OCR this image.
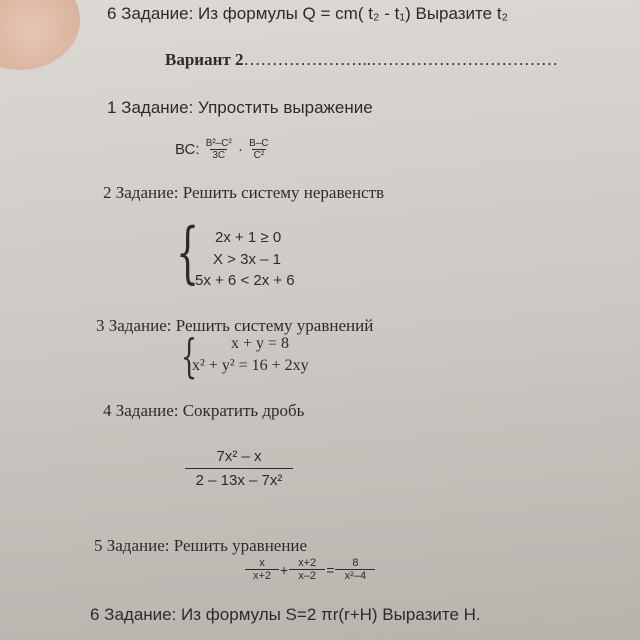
6 Задание: Из формулы Q = cm( t₂ - t₁) Выразите t₂
Вариант 2…………………..……………………………
1 Задание: Упростить выражение
ВС: $\frac{\text{В²–С²}}{3С} \cdot \frac{В-С}{\text{С²}}$
2 Задание: Решить систему неравенств
{ 2x + 1 ≥ 0
X > 3x – 1
5x + 6 < 2x + 6
3 Задание: Решить систему уравнений
{ x + y = 8
x² + y² = 16 + 2xy
4 Задание: Сократить дробь
7x² – x
2 – 13x – 7x²
5 Задание: Решить уравнение
$\frac{x}{x+2} + \frac{x+2}{x-2} = \frac{8}{\text{x²–4}}$
6 Задание: Из формулы S=2 πr(r+H) Выразите H.
